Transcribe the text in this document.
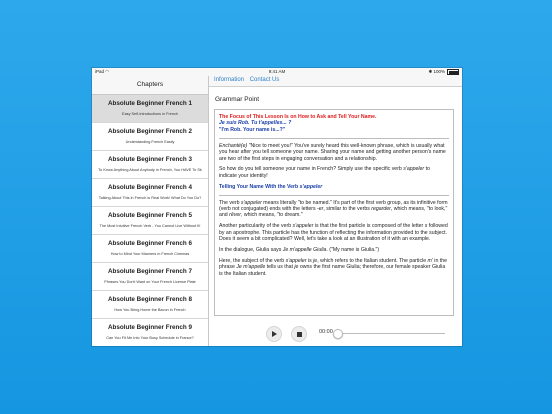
iPad ◠	9:41 AM	✱ 100%
Chapters
Absolute Beginner French 1
Easy Self-Introductions in French
Absolute Beginner French 2
Understanding French Easily
Absolute Beginner French 3
To Know Anything About Anybody in French, You HAVE To Sk
Absolute Beginner French 4
Talking About This in French is Real Work! What Do You Do?
Absolute Beginner French 5
The Most Intuitive French Verb - You Cannot Live Without It!
Absolute Beginner French 6
How to Mind Your Manners in French Cinemas
Absolute Beginner French 7
Phrases You Don't Want on Your French License Plate
Absolute Beginner French 8
How You Bring Home the Bacon in French
Absolute Beginner French 9
Can You Fit Me Into Your Busy Schedule in France?
Information Contact Us
Grammar Point

The Focus of This Lesson Is on How to Ask and Tell Your Name.
Je suis Rob. Tu t'appelles... ?
"I'm Rob. Your name is...?"

Enchanté(e) "Nice to meet you!" You've surely heard this well-known phrase, which is usually what you hear after you tell someone your name. Sharing your name and getting another person's name are two of the first steps in engaging conversation and a relationship.

So how do you tell someone your name in French? Simply use the specific verb s'appeler to indicate your identity!

Telling Your Name With the Verb s'appeler

The verb s'appeler means literally "to be named." It's part of the first verb group, as its infinitive form (verb not conjugated) ends with the letters -er, similar to the verbs regarder, which means, "to look," and rêver, which means, "to dream."

Another particularity of the verb s'appeler is that the first particle is composed of the letter s followed by an apostrophe. This particle has the function of reflecting the information provided to the subject. Does it seem a bit complicated? Well, let's take a look at an illustration of it with an example.

In the dialogue, Giulia says Je m'appelle Giulia. ("My name is Giulia.")

Here, the subject of the verb s'appeler is je, which refers to the Italian student. The particle m' in the phrase Je m'appelle tells us that je owns the first name Giulia; therefore, our female speaker Giulia is the Italian student.

00:00
